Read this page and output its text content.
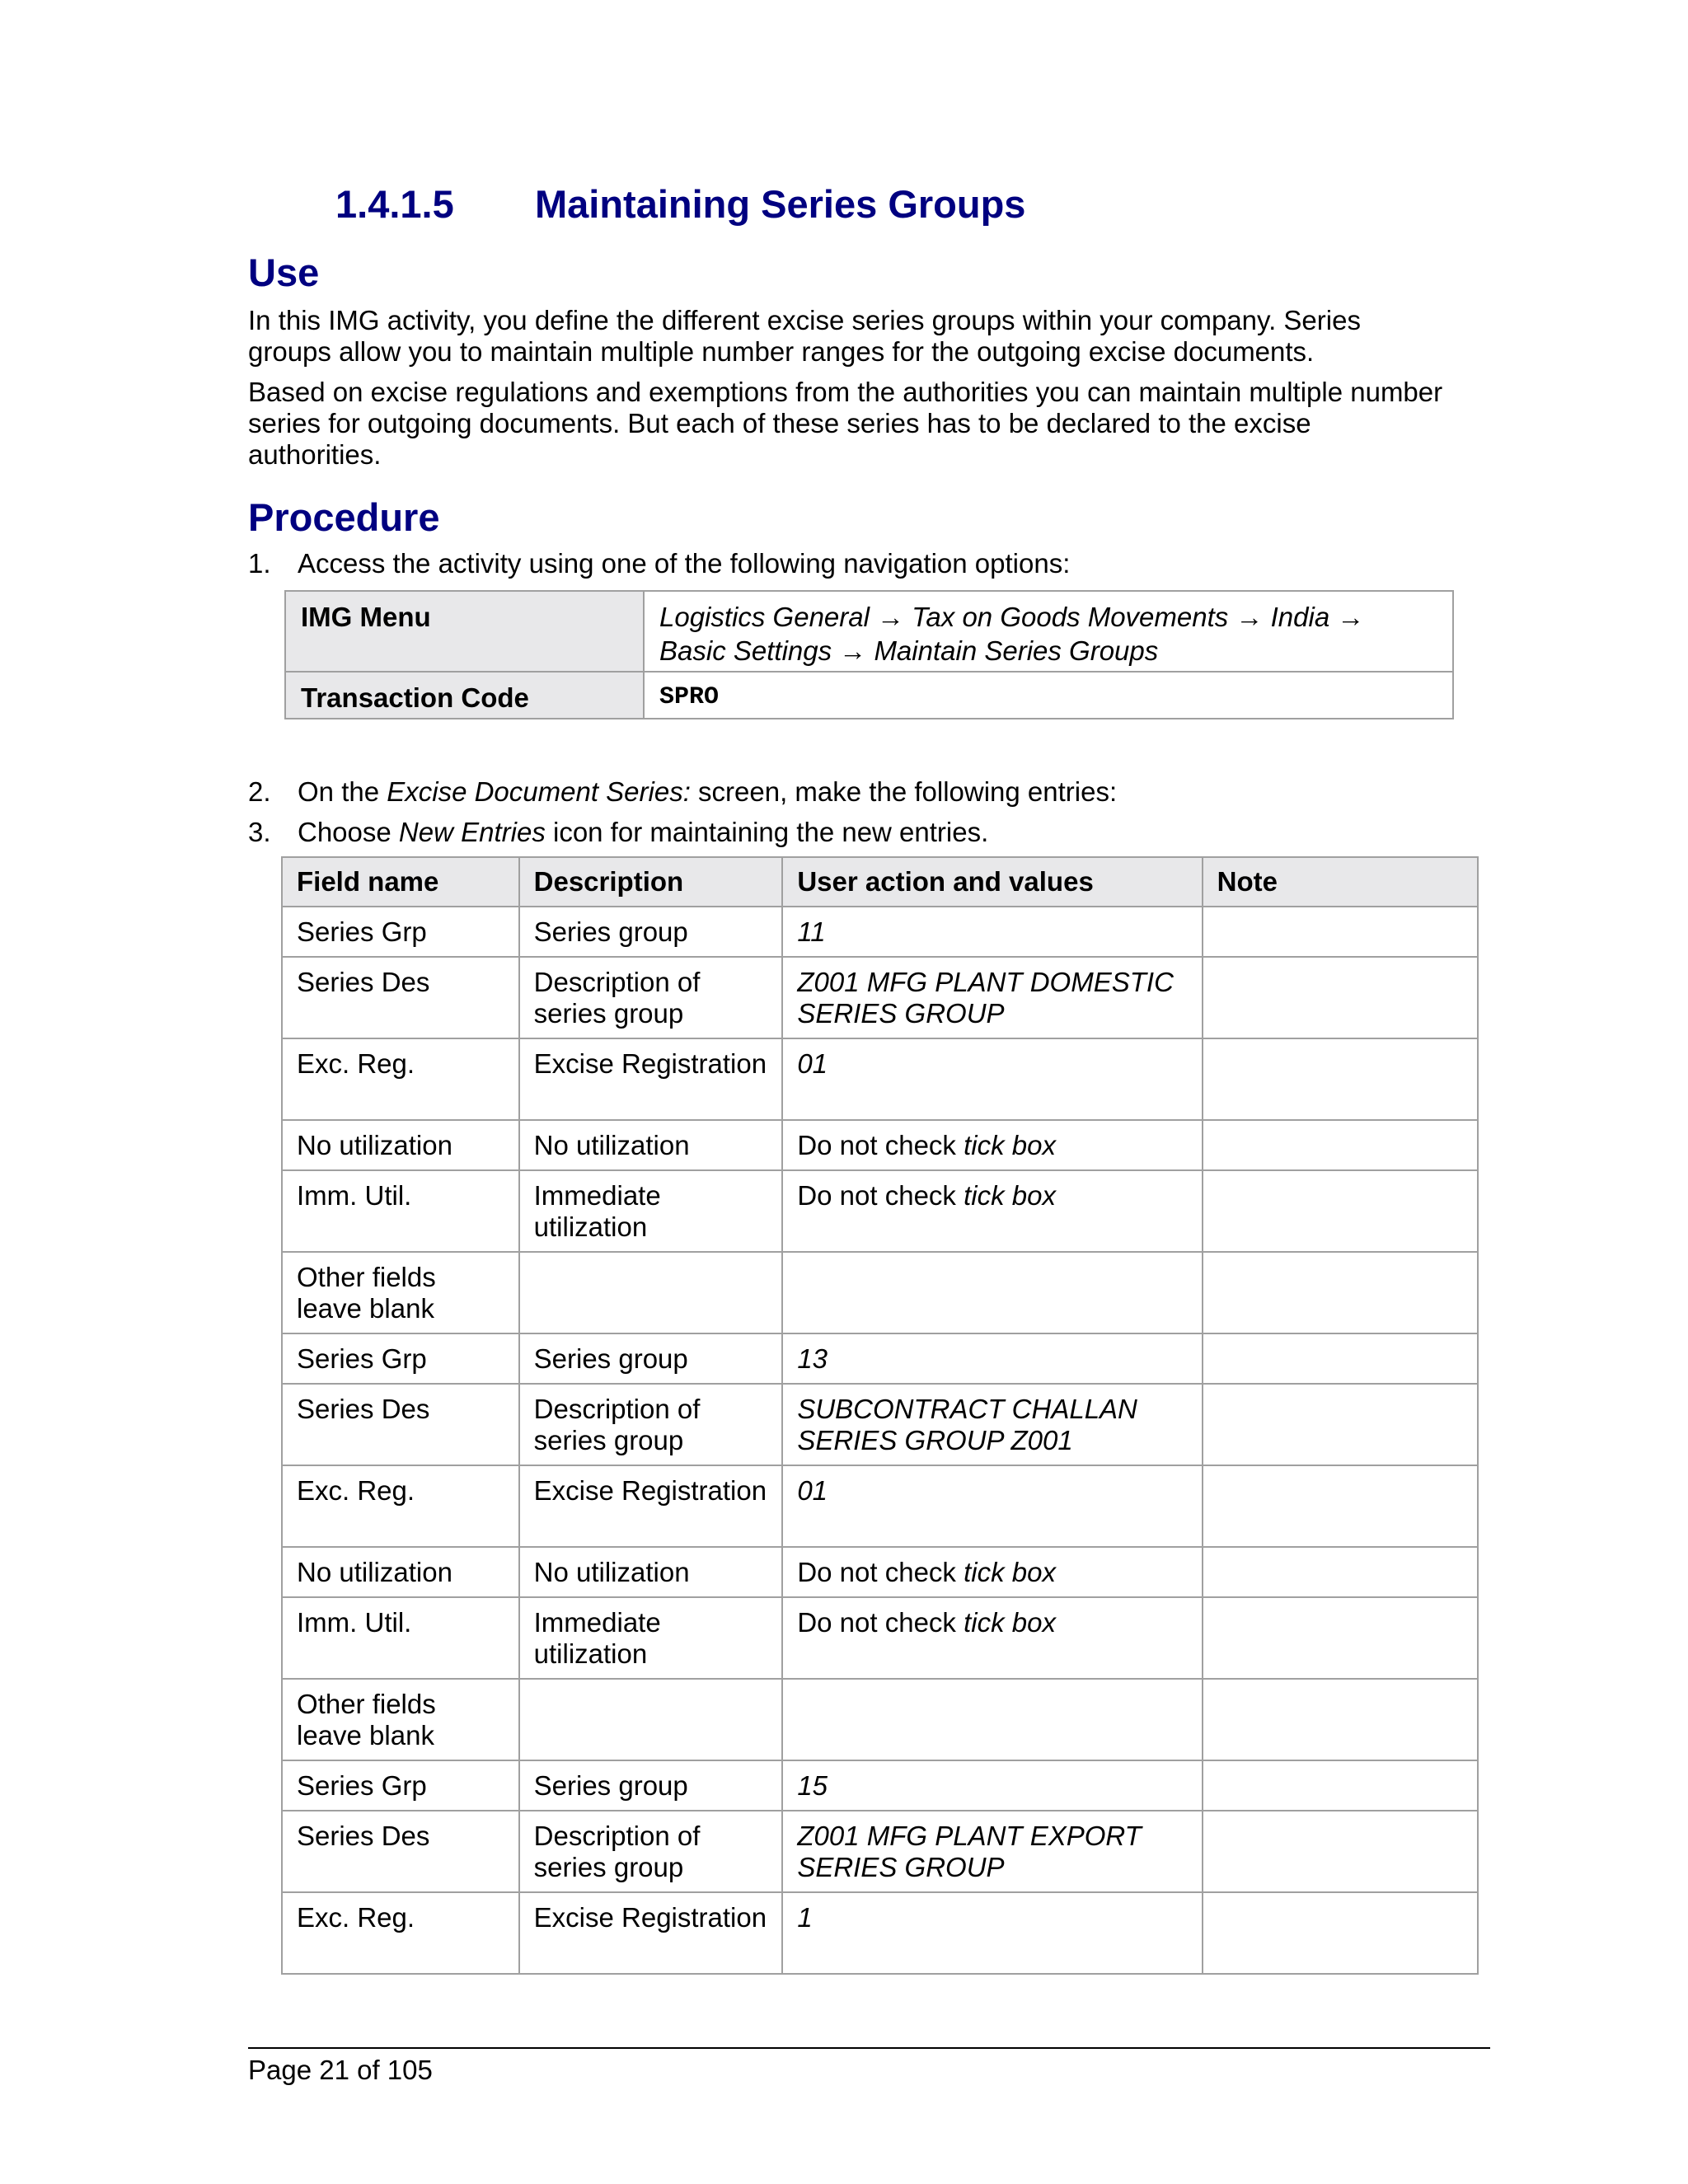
1.4.1.5 Maintaining Series Groups
Use
In this IMG activity, you define the different excise series groups within your company. Series groups allow you to maintain multiple number ranges for the outgoing excise documents.
Based on excise regulations and exemptions from the authorities you can maintain multiple number series for outgoing documents. But each of these series has to be declared to the excise authorities.
Procedure
1. Access the activity using one of the following navigation options:
IMG Menu	Logistics General → Tax on Goods Movements → India →
Basic Settings → Maintain Series Groups

Transaction Code	SPRO
2. On the Excise Document Series: screen, make the following entries:
3. Choose New Entries icon for maintaining the new entries.
Field name	Description	User action and values	Note
Series Grp	Series group	11	
Series Des	Description of series group	Z001 MFG PLANT DOMESTIC SERIES GROUP	
Exc. Reg.	Excise Registration	01	
No utilization	No utilization	Do not check tick box	
Imm. Util.	Immediate utilization	Do not check tick box	
Other fields leave blank			
Series Grp	Series group	13	
Series Des	Description of series group	SUBCONTRACT CHALLAN SERIES GROUP Z001	
Exc. Reg.	Excise Registration	01	
No utilization	No utilization	Do not check tick box	
Imm. Util.	Immediate utilization	Do not check tick box	
Other fields leave blank			
Series Grp	Series group	15	
Series Des	Description of series group	Z001 MFG PLANT EXPORT SERIES GROUP	
Exc. Reg.	Excise Registration	1	
Page 21 of 105
